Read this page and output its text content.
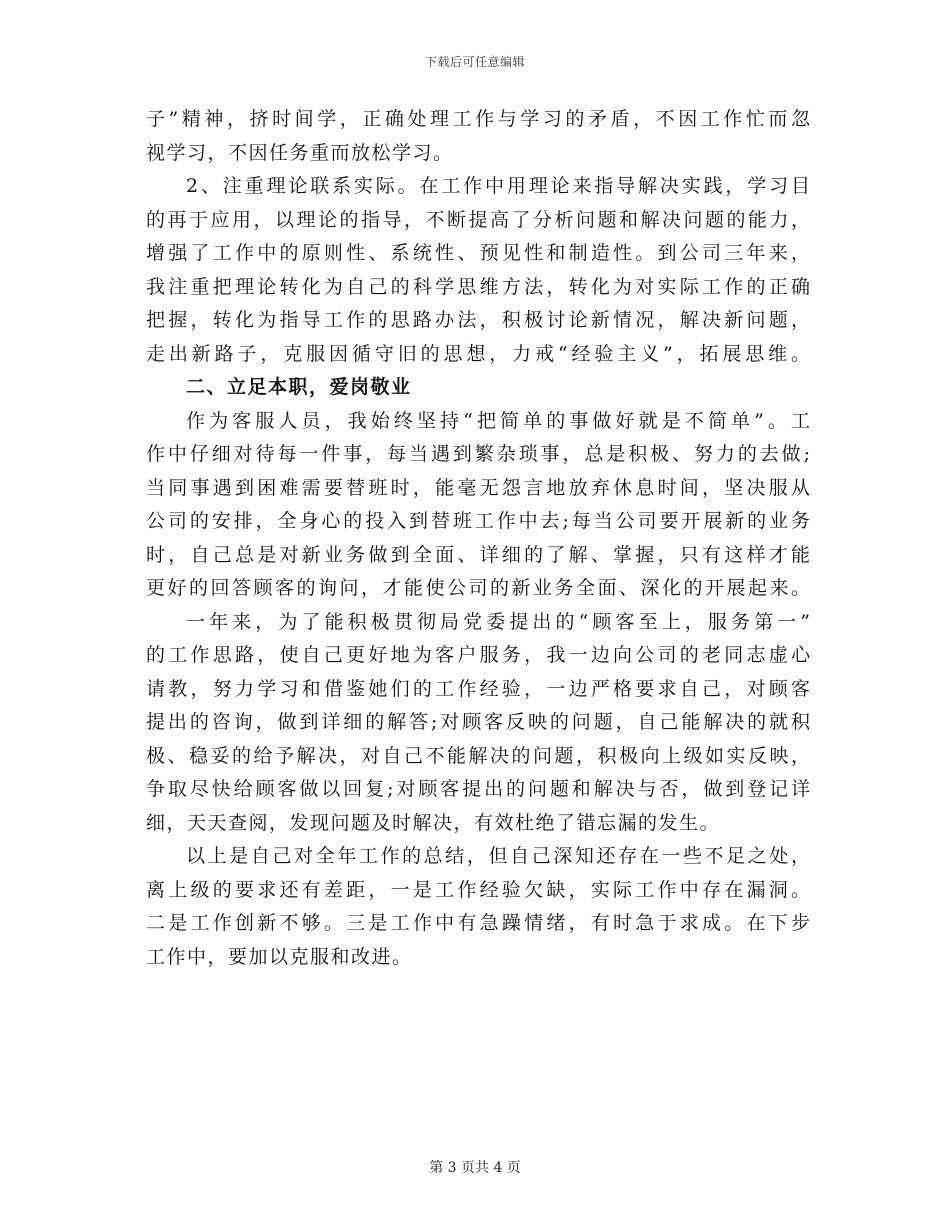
下载后可任意编辑
子”精神，挤时间学，正确处理工作与学习的矛盾，不因工作忙而忽
视学习，不因任务重而放松学习。
2、注重理论联系实际。在工作中用理论来指导解决实践，学习目
的再于应用，以理论的指导，不断提高了分析问题和解决问题的能力，
增强了工作中的原则性、系统性、预见性和制造性。到公司三年来，
我注重把理论转化为自己的科学思维方法，转化为对实际工作的正确
把握，转化为指导工作的思路办法，积极讨论新情况，解决新问题，
走出新路子，克服因循守旧的思想，力戒“经验主义”，拓展思维。
二、立足本职，爱岗敬业
作为客服人员，我始终坚持“把简单的事做好就是不简单”。工
作中仔细对待每一件事，每当遇到繁杂琐事，总是积极、努力的去做;
当同事遇到困难需要替班时，能毫无怨言地放弃休息时间，坚决服从
公司的安排，全身心的投入到替班工作中去;每当公司要开展新的业务
时，自己总是对新业务做到全面、详细的了解、掌握，只有这样才能
更好的回答顾客的询问，才能使公司的新业务全面、深化的开展起来。
一年来，为了能积极贯彻局党委提出的“顾客至上，服务第一”
的工作思路，使自己更好地为客户服务，我一边向公司的老同志虚心
请教，努力学习和借鉴她们的工作经验，一边严格要求自己，对顾客
提出的咨询，做到详细的解答;对顾客反映的问题，自己能解决的就积
极、稳妥的给予解决，对自己不能解决的问题，积极向上级如实反映，
争取尽快给顾客做以回复;对顾客提出的问题和解决与否，做到登记详
细，天天查阅，发现问题及时解决，有效杜绝了错忘漏的发生。
以上是自己对全年工作的总结，但自己深知还存在一些不足之处，
离上级的要求还有差距，一是工作经验欠缺，实际工作中存在漏洞。
二是工作创新不够。三是工作中有急躁情绪，有时急于求成。在下步
工作中，要加以克服和改进。
第 3 页共 4 页
